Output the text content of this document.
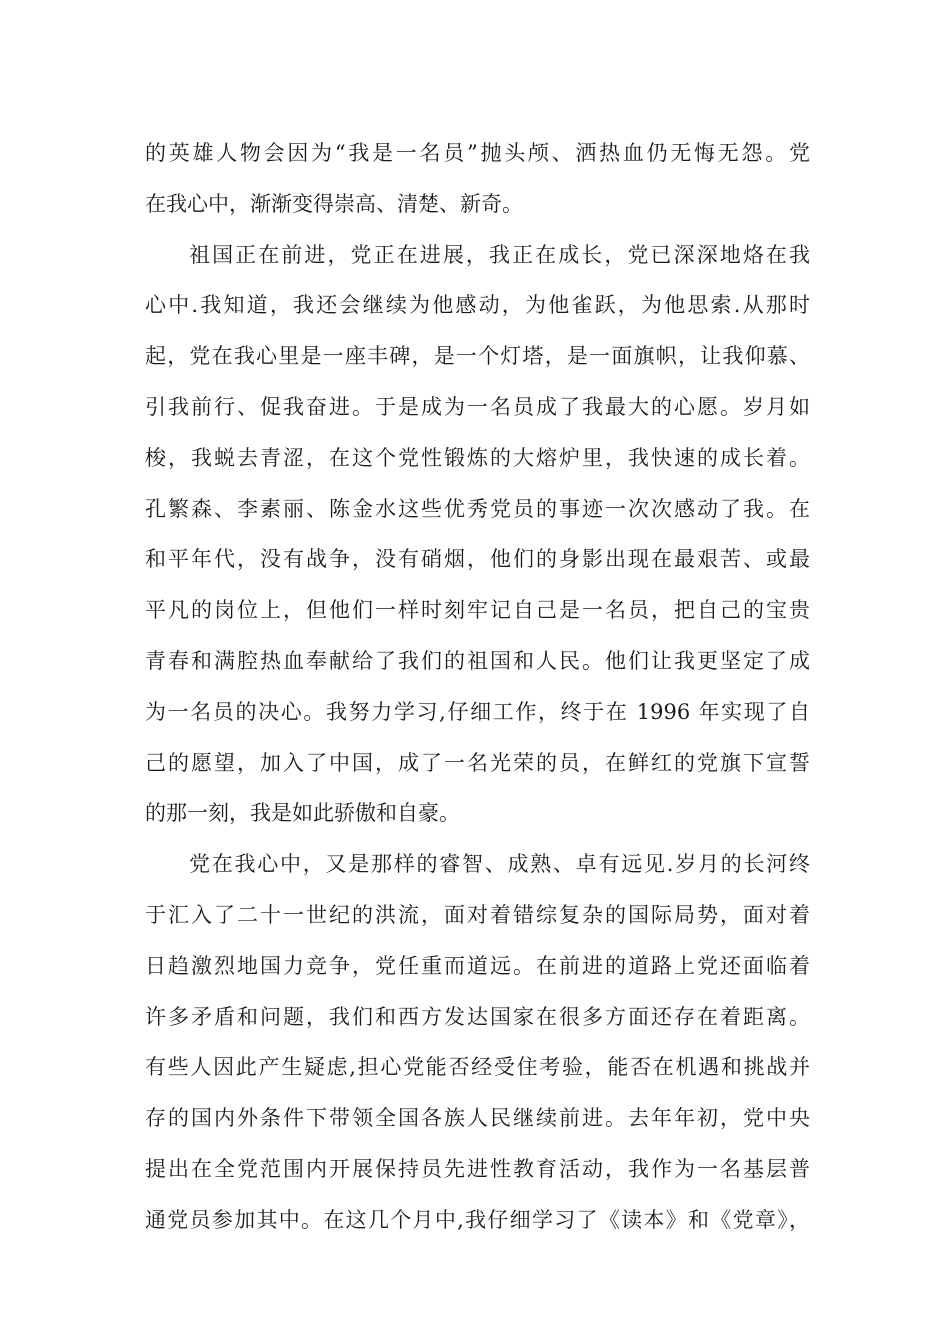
的英雄人物会因为“我是一名员”抛头颅、洒热血仍无悔无怨。党
在我心中，渐渐变得崇高、清楚、新奇。
祖国正在前进，党正在进展，我正在成长，党已深深地烙在我
心中.我知道，我还会继续为他感动，为他雀跃，为他思索.从那时
起，党在我心里是一座丰碑，是一个灯塔，是一面旗帜，让我仰慕、
引我前行、促我奋进。于是成为一名员成了我最大的心愿。岁月如
梭，我蜕去青涩，在这个党性锻炼的大熔炉里，我快速的成长着。
孔繁森、李素丽、陈金水这些优秀党员的事迹一次次感动了我。在
和平年代，没有战争，没有硝烟，他们的身影出现在最艰苦、或最
平凡的岗位上，但他们一样时刻牢记自己是一名员，把自己的宝贵
青春和满腔热血奉献给了我们的祖国和人民。他们让我更坚定了成
为一名员的决心。我努力学习,仔细工作，终于在 1996 年实现了自
己的愿望，加入了中国，成了一名光荣的员，在鲜红的党旗下宣誓
的那一刻，我是如此骄傲和自豪。
党在我心中，又是那样的睿智、成熟、卓有远见.岁月的长河终
于汇入了二十一世纪的洪流，面对着错综复杂的国际局势，面对着
日趋激烈地国力竞争，党任重而道远。在前进的道路上党还面临着
许多矛盾和问题，我们和西方发达国家在很多方面还存在着距离。
有些人因此产生疑虑,担心党能否经受住考验，能否在机遇和挑战并
存的国内外条件下带领全国各族人民继续前进。去年年初，党中央
提出在全党范围内开展保持员先进性教育活动，我作为一名基层普
通党员参加其中。在这几个月中,我仔细学习了《读本》和《党章》，
